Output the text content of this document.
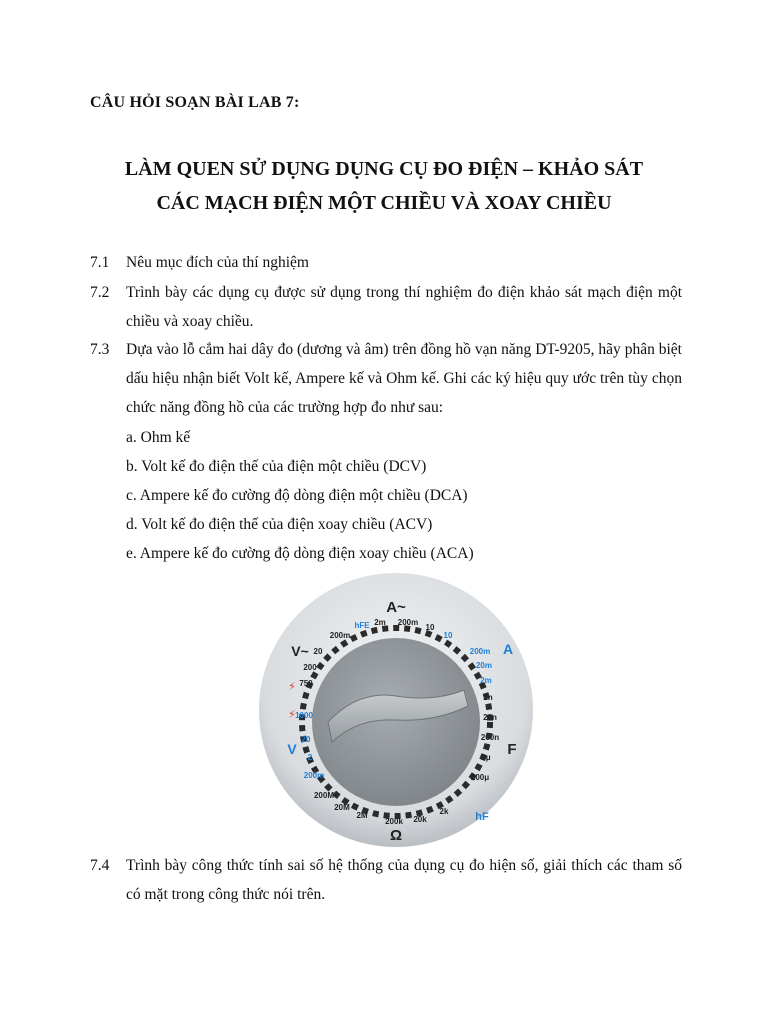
CÂU HỎI SOẠN BÀI LAB 7:
LÀM QUEN SỬ DỤNG DỤNG CỤ ĐO ĐIỆN – KHẢO SÁT
CÁC MẠCH ĐIỆN MỘT CHIỀU VÀ XOAY CHIỀU
7.1	Nêu mục đích của thí nghiệm
7.2	Trình bày các dụng cụ được sử dụng trong thí nghiệm đo điện khảo sát mạch điện một chiều và xoay chiều.
7.3	Dựa vào lỗ cắm hai dây đo (dương và âm) trên đồng hồ vạn năng DT-9205, hãy phân biệt dấu hiệu nhận biết Volt kế, Ampere kế và Ohm kế. Ghi các ký hiệu quy ước trên tùy chọn chức năng đồng hồ của các trường hợp đo như sau:
a. Ohm kế
b. Volt kế đo điện thế của điện một chiều (DCV)
c. Ampere kế đo cường độ dòng điện một chiều (DCA)
d. Volt kế đo điện thế của điện xoay chiều (ACV)
e. Ampere kế đo cường độ dòng điện xoay chiều (ACA)
A~
hFE 2m 200m
10
10
200m A
20m
2m
2n
20n
200n
F
2μ
200μ
hF
2k
20k
200k
2M
20M
200M
Ω
200m
2
V
20
1000
750
200
20
200m
V~
⚡
⚡
7.4	Trình bày công thức tính sai số hệ thống của dụng cụ đo hiện số, giải thích các tham số có mặt trong công thức nói trên.
